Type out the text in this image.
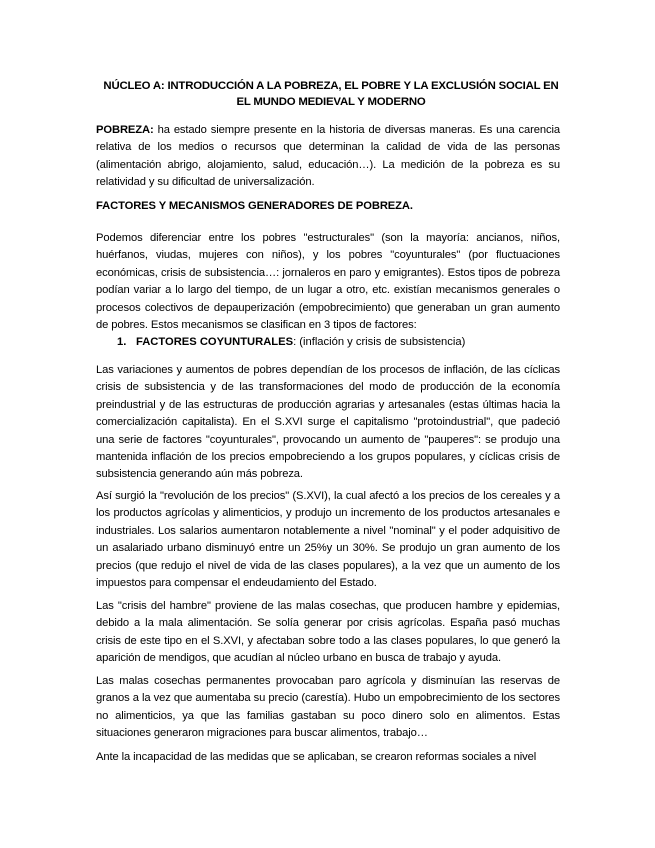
NÚCLEO A: INTRODUCCIÓN A LA POBREZA, EL POBRE Y LA EXCLUSIÓN SOCIAL EN EL MUNDO MEDIEVAL Y MODERNO
POBREZA: ha estado siempre presente en la historia de diversas maneras. Es una carencia relativa de los medios o recursos que determinan la calidad de vida de las personas (alimentación abrigo, alojamiento, salud, educación…). La medición de la pobreza es su relatividad y su dificultad de universalización.
FACTORES Y MECANISMOS GENERADORES DE POBREZA.
Podemos diferenciar entre los pobres "estructurales" (son la mayoría: ancianos, niños, huérfanos, viudas, mujeres con niños), y los pobres "coyunturales" (por fluctuaciones económicas, crisis de subsistencia…: jornaleros en paro y emigrantes). Estos tipos de pobreza podían variar a lo largo del tiempo, de un lugar a otro, etc. existían mecanismos generales o procesos colectivos de depauperización (empobrecimiento) que generaban un gran aumento de pobres. Estos mecanismos se clasifican en 3 tipos de factores:
1. FACTORES COYUNTURALES: (inflación y crisis de subsistencia)
Las variaciones y aumentos de pobres dependían de los procesos de inflación, de las cíclicas crisis de subsistencia y de las transformaciones del modo de producción de la economía preindustrial y de las estructuras de producción agrarias y artesanales (estas últimas hacia la comercialización capitalista). En el S.XVI surge el capitalismo "protoindustrial", que padeció una serie de factores "coyunturales", provocando un aumento de "pauperes": se produjo una mantenida inflación de los precios empobreciendo a los grupos populares, y cíclicas crisis de subsistencia generando aún más pobreza.
Así surgió la "revolución de los precios" (S.XVI), la cual afectó a los precios de los cereales y a los productos agrícolas y alimenticios, y produjo un incremento de los productos artesanales e industriales. Los salarios aumentaron notablemente a nivel "nominal" y el poder adquisitivo de un asalariado urbano disminuyó entre un 25%y un 30%. Se produjo un gran aumento de los precios (que redujo el nivel de vida de las clases populares), a la vez que un aumento de los impuestos para compensar el endeudamiento del Estado.
Las "crisis del hambre" proviene de las malas cosechas, que producen hambre y epidemias, debido a la mala alimentación. Se solía generar por crisis agrícolas. España pasó muchas crisis de este tipo en el S.XVI, y afectaban sobre todo a las clases populares, lo que generó la aparición de mendigos, que acudían al núcleo urbano en busca de trabajo y ayuda.
Las malas cosechas permanentes provocaban paro agrícola y disminuían las reservas de granos a la vez que aumentaba su precio (carestía). Hubo un empobrecimiento de los sectores no alimenticios, ya que las familias gastaban su poco dinero solo en alimentos. Estas situaciones generaron migraciones para buscar alimentos, trabajo…
Ante la incapacidad de las medidas que se aplicaban, se crearon reformas sociales a nivel
